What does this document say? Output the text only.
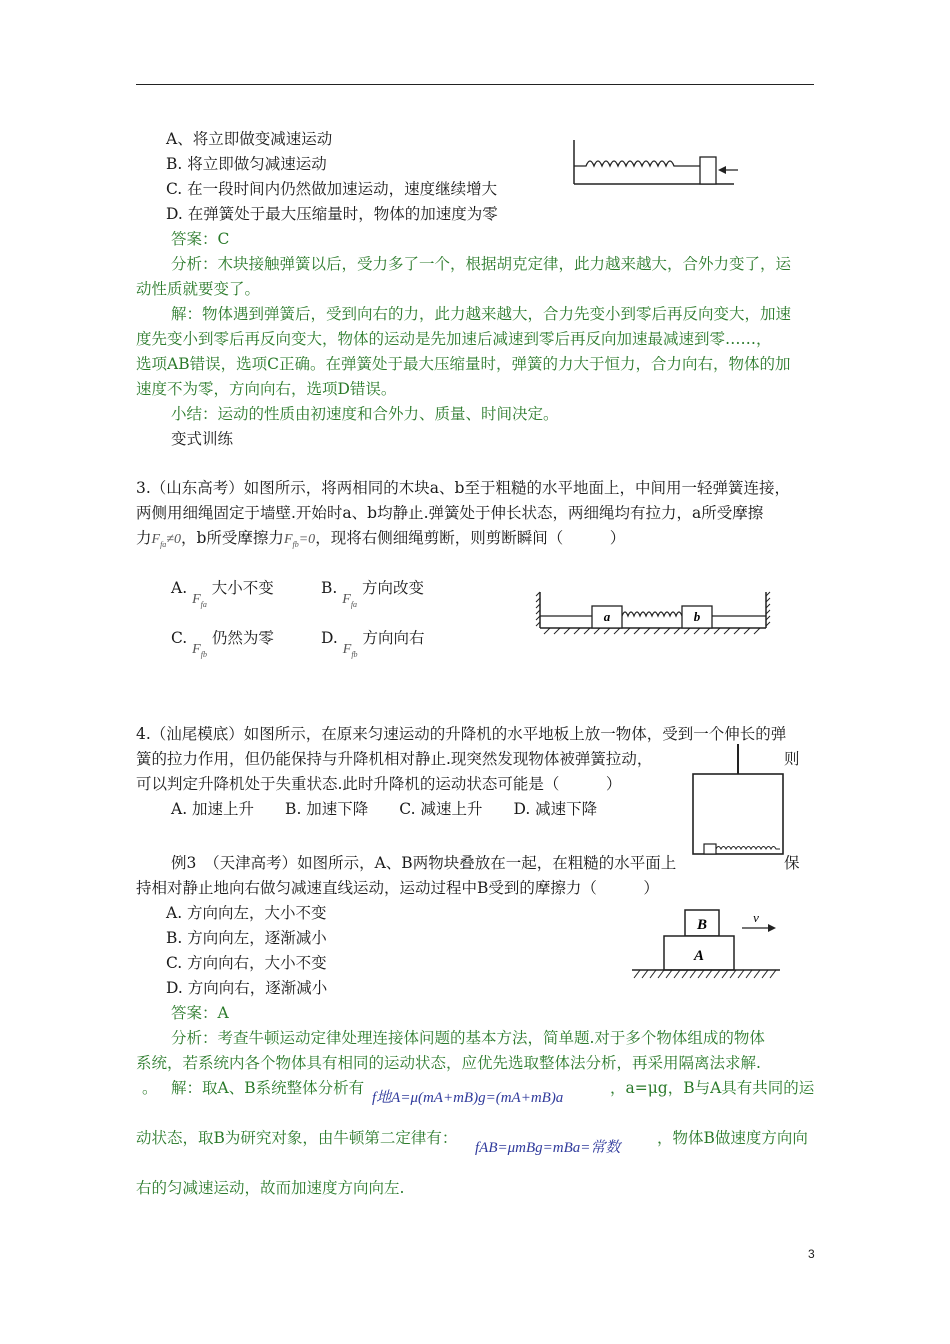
A、将立即做变减速运动
B. 将立即做匀减速运动
C. 在一段时间内仍然做加速运动，速度继续增大
D. 在弹簧处于最大压缩量时，物体的加速度为零
答案：C
分析：木块接触弹簧以后，受力多了一个，根据胡克定律，此力越来越大，合外力变了，运
动性质就要变了。
解：物体遇到弹簧后，受到向右的力，此力越来越大，合力先变小到零后再反向变大，加速
度先变小到零后再反向变大，物体的运动是先加速后减速到零后再反向加速最减速到零……，
选项AB错误，选项C正确。在弹簧处于最大压缩量时，弹簧的力大于恒力，合力向右，物体的加
速度不为零，方向向右，选项D错误。
小结：运动的性质由初速度和合外力、质量、时间决定。
变式训练
3.（山东高考）如图所示，将两相同的木块a、b至于粗糙的水平地面上，中间用一轻弹簧连接，
两侧用细绳固定于墙壁.开始时a、b均静止.弹簧处于伸长状态，两细绳均有拉力，a所受摩擦
力$F_{fa}\ne 0$，b所受摩擦力$F_{fb}=0$，现将右侧细绳剪断，则剪断瞬间（　　　）
A. $F_{fa}$ 大小不变	B. $F_{fa}$ 方向改变
C. $F_{fb}$ 仍然为零	D. $F_{fb}$ 方向向右
a	b
4.（汕尾模底）如图所示，在原来匀速运动的升降机的水平地板上放一物体，受到一个伸长的弹
簧的拉力作用，但仍能保持与升降机相对静止.现突然发现物体被弹簧拉动，	则
可以判定升降机处于失重状态.此时升降机的运动状态可能是（　　　）
A. 加速上升　　B. 加速下降　　C. 减速上升　　D. 减速下降
例3　（天津高考）如图所示，A、B两物块叠放在一起，在粗糙的水平面上	保
持相对静止地向右做匀减速直线运动，运动过程中B受到的摩擦力（　　　）
A. 方向向左，大小不变
B. 方向向左，逐渐减小
C. 方向向右，大小不变
D. 方向向右，逐渐减小
B
A
v
答案：A
分析：考查牛顿运动定律处理连接体问题的基本方法，简单题.对于多个物体组成的物体
系统，若系统内各个物体具有相同的运动状态，应优先选取整体法分析，再采用隔离法求解.
。 解：取A、B系统整体分析有
f地A=μ(mA+mB)g=(mA+mB)a
，a=μg，B与A具有共同的运
动状态，取B为研究对象，由牛顿第二定律有：
fAB=μmBg=mBa=常数
，物体B做速度方向向
右的匀减速运动，故而加速度方向向左.
3
